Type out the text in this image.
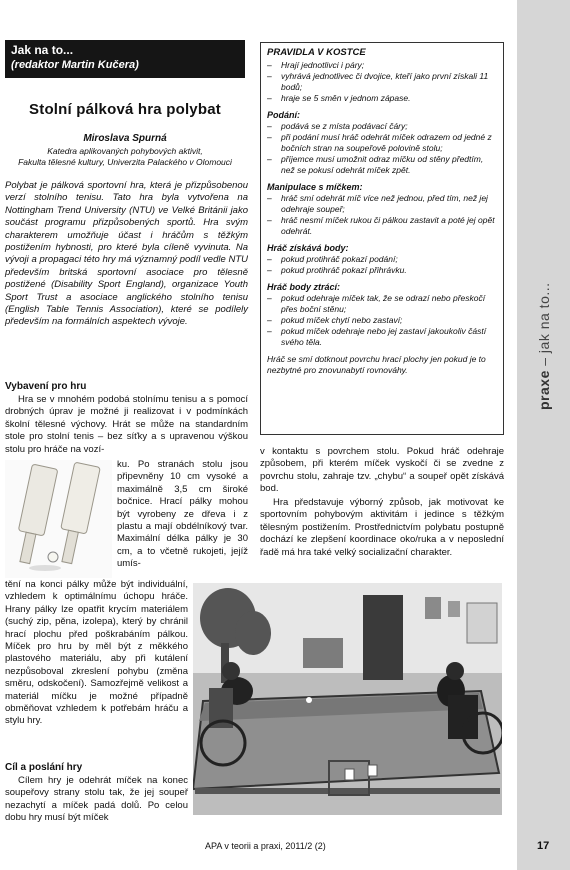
praxe – jak na to...
Jak na to...
(redaktor Martin Kučera)
Stolní pálková hra polybat
Miroslava Spurná
Katedra aplikovaných pohybových aktivit,
Fakulta tělesné kultury, Univerzita Palackého v Olomouci
Polybat je pálková sportovní hra, která je přizpůsobenou verzí stolního tenisu. Tato hra byla vytvořena na Nottingham Trend University (NTU) ve Velké Británii jako součást programu přizpůsobených sportů. Hra svým charakterem umožňuje účast i hráčům s těžkým postižením hybnosti, pro které byla cíleně vyvinuta. Na vývoji a propagaci této hry má významný podíl vedle NTU především britská sportovní asociace pro tělesně postižené (Disability Sport England), organizace Youth Sport Trust a asociace anglického stolního tenisu (English Table Tennis Association), které se podílely především na formálních aspektech vývoje.
Vybavení pro hru
Hra se v mnohém podobá stolnímu tenisu a s pomocí drobných úprav je možné ji realizovat i v podmínkách školní tělesné výchovy. Hrát se může na standardním stole pro stolní tenis – bez síťky a s upravenou výškou stolu pro hráče na vozí-
ku. Po stranách stolu jsou připevněny 10 cm vysoké a maximálně 3,5 cm široké bočnice. Hrací pálky mohou být vyrobeny ze dřeva i z plastu a mají obdélníkový tvar. Maximální délka pálky je 30 cm, a to včetně rukojeti, jejíž umís-
tění na konci pálky může být individuální, vzhledem k optimálnímu úchopu hráče. Hrany pálky lze opatřit krycím materiálem (suchý zip, pěna, izolepa), který by chránil hrací plochu před poškrabáním pálkou. Míček pro hru by měl být z měkkého plastového materiálu, aby při kutálení nezpůsoboval zkreslení pohybu (změna směru, odskočení). Samozřejmě velikost a materiál míčku je možné případně obměňovat vzhledem k potřebám hráču a stylu hry.
Cíl a poslání hry
Cílem hry je odehrát míček na konec soupeřovy strany stolu tak, že jej soupeř nezachytí a míček padá dolů. Po celou dobu hry musí být míček
PRAVIDLA V KOSTCE
– Hrají jednotlivci i páry;
– vyhrává jednotlivec či dvojice, kteří jako první získali 11 bodů;
– hraje se 5 směn v jednom zápase.
Podání:
– podává se z místa podávací čáry;
– při podání musí hráč odehrát míček odrazem od jedné z bočních stran na soupeřově polovině stolu;
– příjemce musí umožnit odraz míčku od stěny předtím, než se pokusí odehrát míček zpět.
Manipulace s míčkem:
– hráč smí odehrát míč více než jednou, před tím, než jej odehraje soupeř;
– hráč nesmí míček rukou či pálkou zastavit a poté jej opět odehrát.
Hráč získává body:
– pokud protihráč pokazí podání;
– pokud protihráč pokazí přihrávku.
Hráč body ztrácí:
– pokud odehraje míček tak, že se odrazí nebo přeskočí přes boční stěnu;
– pokud míček chytí nebo zastaví;
– pokud míček odehraje nebo jej zastaví jakoukoliv částí svého těla.
Hráč se smí dotknout povrchu hrací plochy jen pokud je to nezbytné pro znovunabytí rovnováhy.
v kontaktu s povrchem stolu. Pokud hráč odehraje způsobem, při kterém míček vyskočí či se zvedne z povrchu stolu, zahraje tzv. „chybu“ a soupeř opět získává bod.
Hra představuje výborný způsob, jak motivovat ke sportovním pohybovým aktivitám i jedince s těžkým tělesným postižením. Prostřednictvím polybatu postupně dochází ke zlepšení koordinace oko/ruka a v neposlední řadě má hra také velký socializační charakter.
APA v teorii a praxi, 2011/2 (2)	17
